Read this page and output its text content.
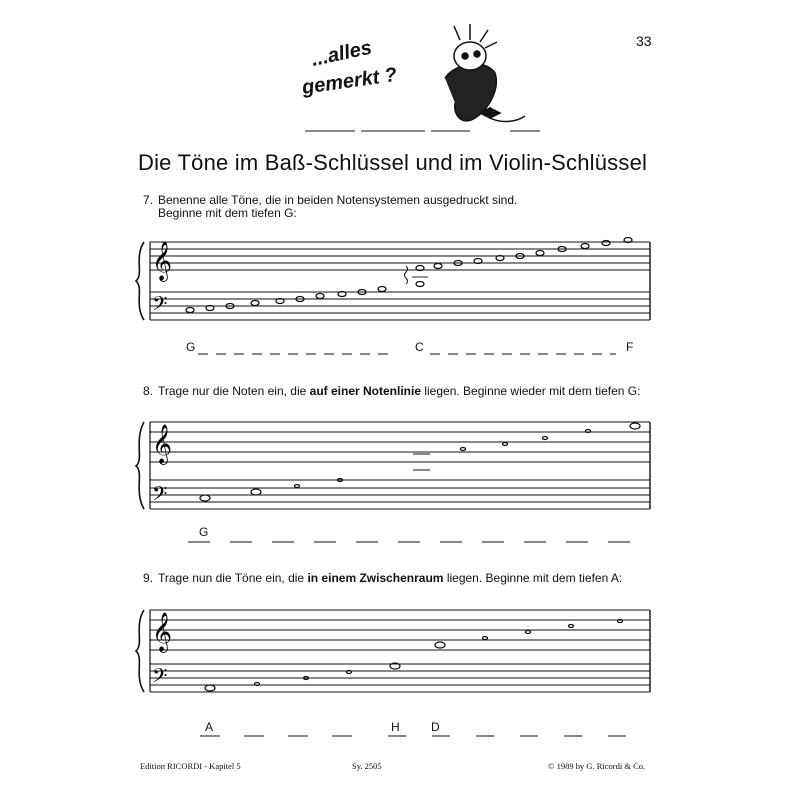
33
...alles
gemerkt ?
Die Töne im Baß-Schlüssel und im Violin-Schlüssel
7. Benenne alle Töne, die in beiden Notensystemen ausgedruckt sind.
Beginne mit dem tiefen G:
𝄞
𝄢
G	C	F
8. Trage nur die Noten ein, die auf einer Notenlinie liegen. Beginne wieder mit dem tiefen G:
𝄞
𝄢
G
9. Trage nun die Töne ein, die in einem Zwischenraum liegen. Beginne mit dem tiefen A:
𝄞
𝄢
A	H	D
Edition RICORDI - Kapitel 5	Sy. 2505	© 1989 by G. Ricordi & Co.
